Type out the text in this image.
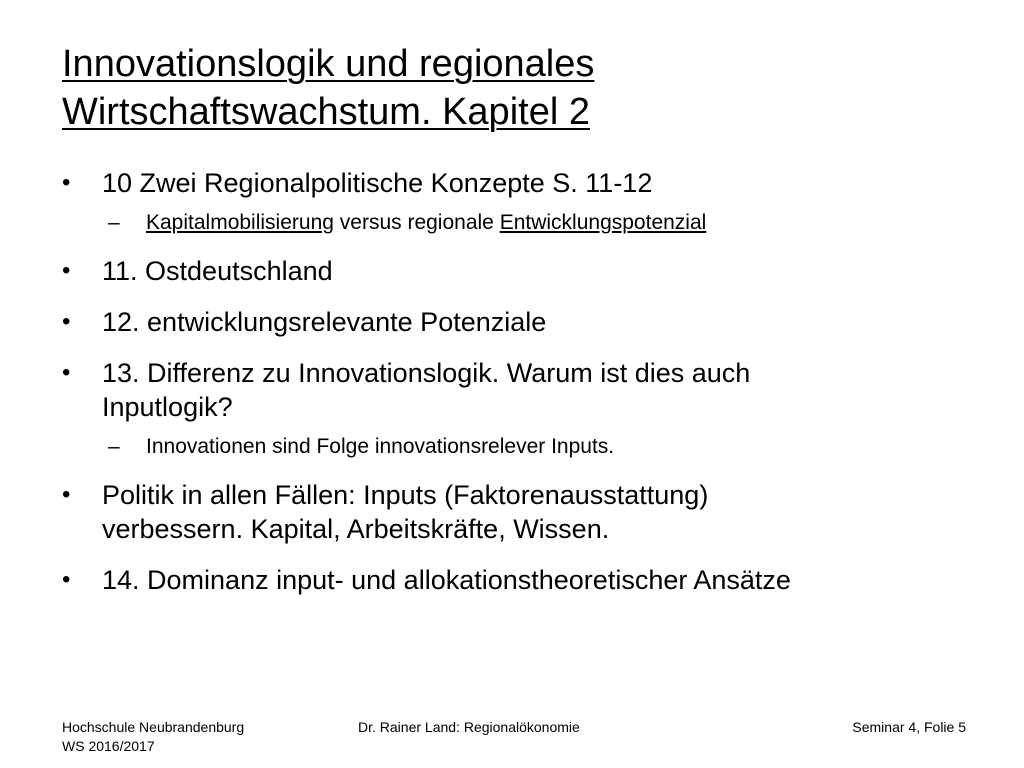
Innovationslogik und regionales
Wirtschaftswachstum. Kapitel 2
• 10 Zwei Regionalpolitische Konzepte S. 11-12
– Kapitalmobilisierung versus regionale Entwicklungspotenzial
• 11. Ostdeutschland
• 12. entwicklungsrelevante Potenziale
• 13. Differenz zu Innovationslogik. Warum ist dies auch
Inputlogik?
– Innovationen sind Folge innovationsrelever Inputs.
• Politik in allen Fällen: Inputs (Faktorenausstattung)
verbessern. Kapital, Arbeitskräfte, Wissen.
• 14. Dominanz input- und allokationstheoretischer Ansätze
Hochschule Neubrandenburg
WS 2016/2017
Dr. Rainer Land: Regionalökonomie	Seminar 4, Folie 5
